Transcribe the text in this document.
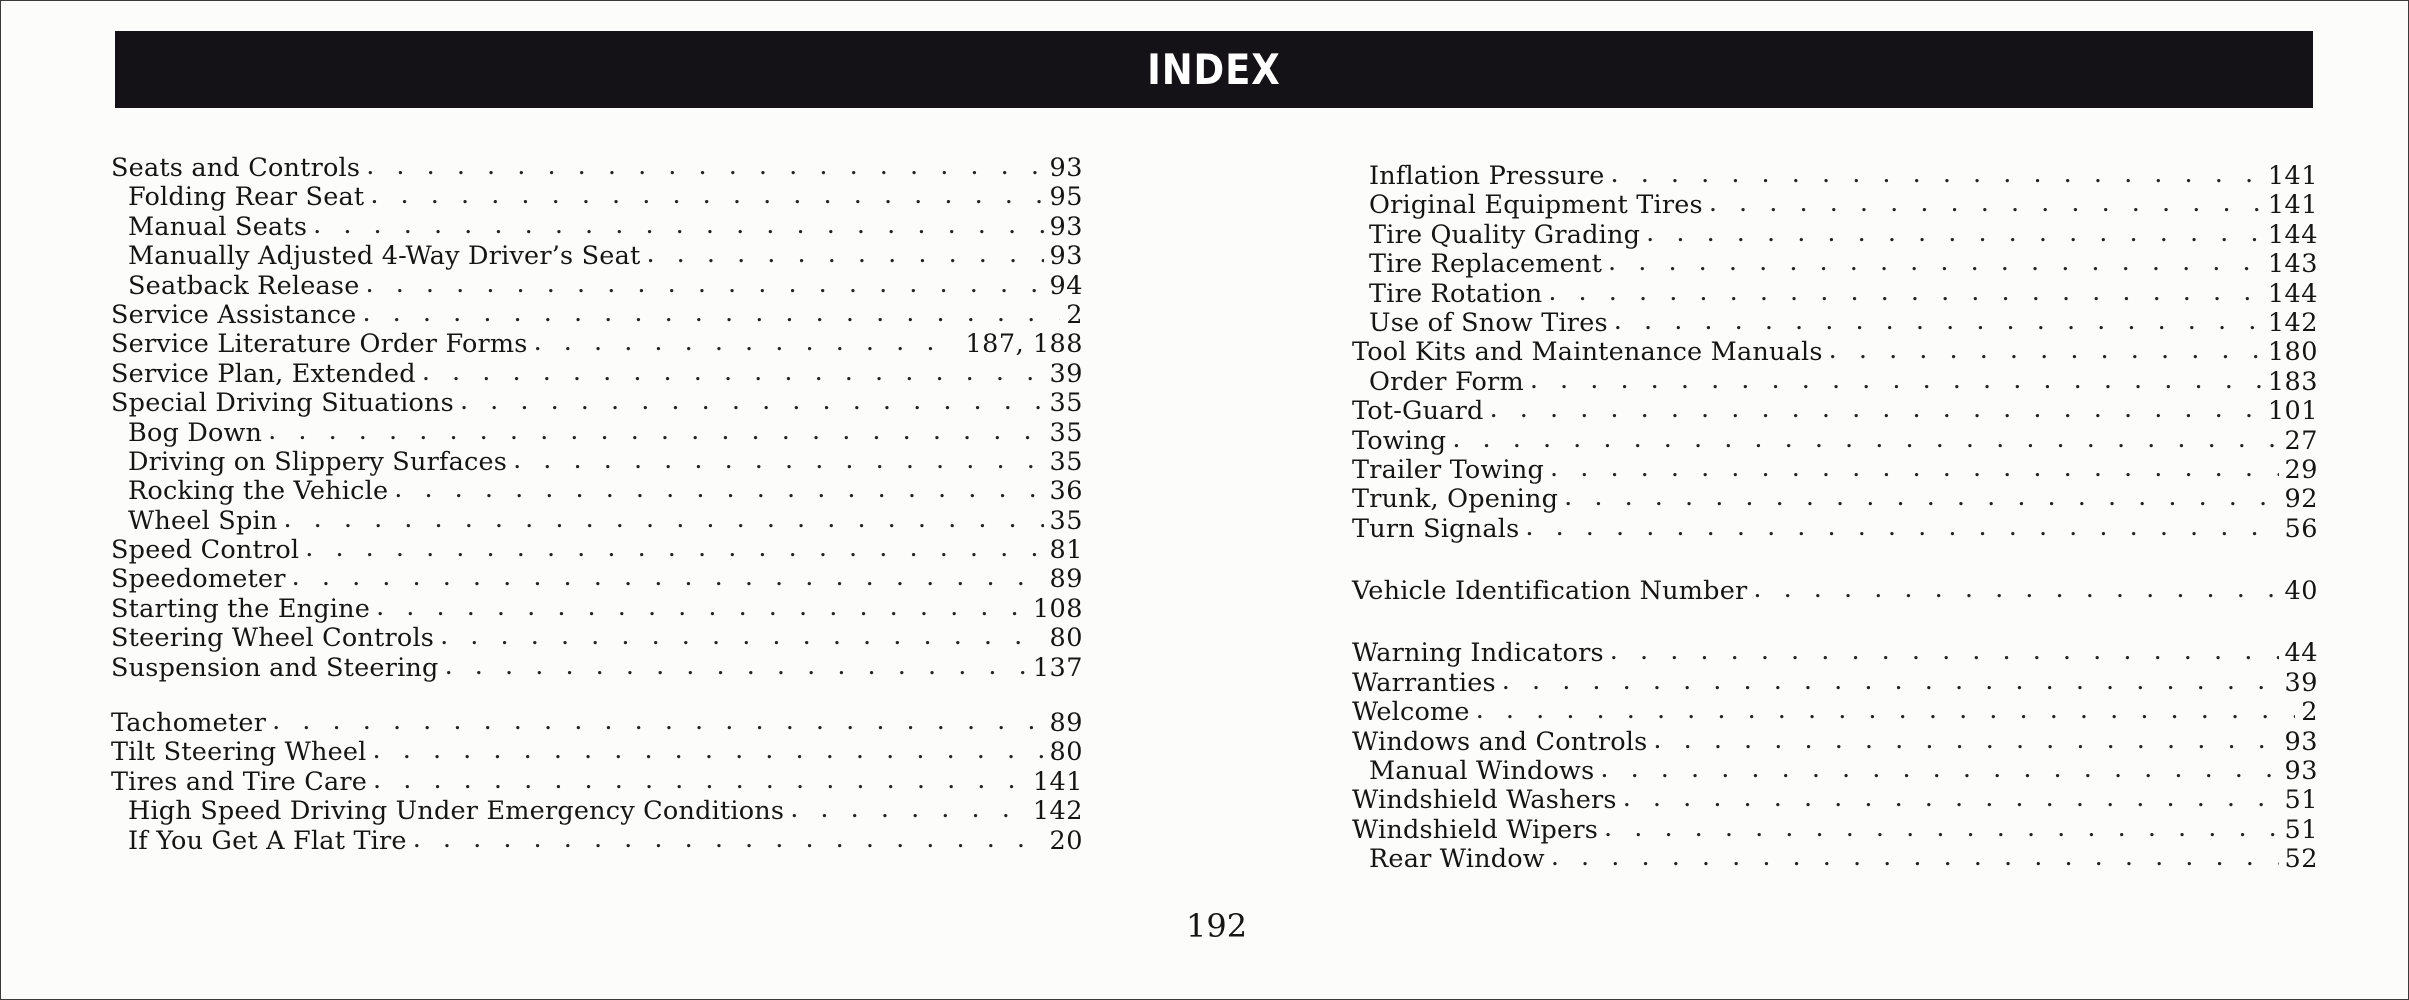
INDEX
Seats and Controls . . .	93
Folding Rear Seat . . .	95
Manual Seats . . .	93
Manually Adjusted 4-Way Driver’s Seat . . .	93
Seatback Release . . .	94
Service Assistance . . .	2
Service Literature Order Forms . . .	187, 188
Service Plan, Extended . . .	39
Special Driving Situations . . .	35
Bog Down . . .	35
Driving on Slippery Surfaces . . .	35
Rocking the Vehicle . . .	36
Wheel Spin . . .	35
Speed Control . . .	81
Speedometer . . .	89
Starting the Engine . . .	108
Steering Wheel Controls . . .	80
Suspension and Steering . . .	137
Tachometer . . .	89
Tilt Steering Wheel . . .	80
Tires and Tire Care . . .	141
High Speed Driving Under Emergency Conditions . . .	142
If You Get A Flat Tire . . .	20
Inflation Pressure . . .	141
Original Equipment Tires . . .	141
Tire Quality Grading . . .	144
Tire Replacement . . .	143
Tire Rotation . . .	144
Use of Snow Tires . . .	142
Tool Kits and Maintenance Manuals . . .	180
Order Form . . .	183
Tot-Guard . . .	101
Towing . . .	27
Trailer Towing . . .	29
Trunk, Opening . . .	92
Turn Signals . . .	56
Vehicle Identification Number . . .	40
Warning Indicators . . .	44
Warranties . . .	39
Welcome . . .	2
Windows and Controls . . .	93
Manual Windows . . .	93
Windshield Washers . . .	51
Windshield Wipers . . .	51
Rear Window . . .	52
192
